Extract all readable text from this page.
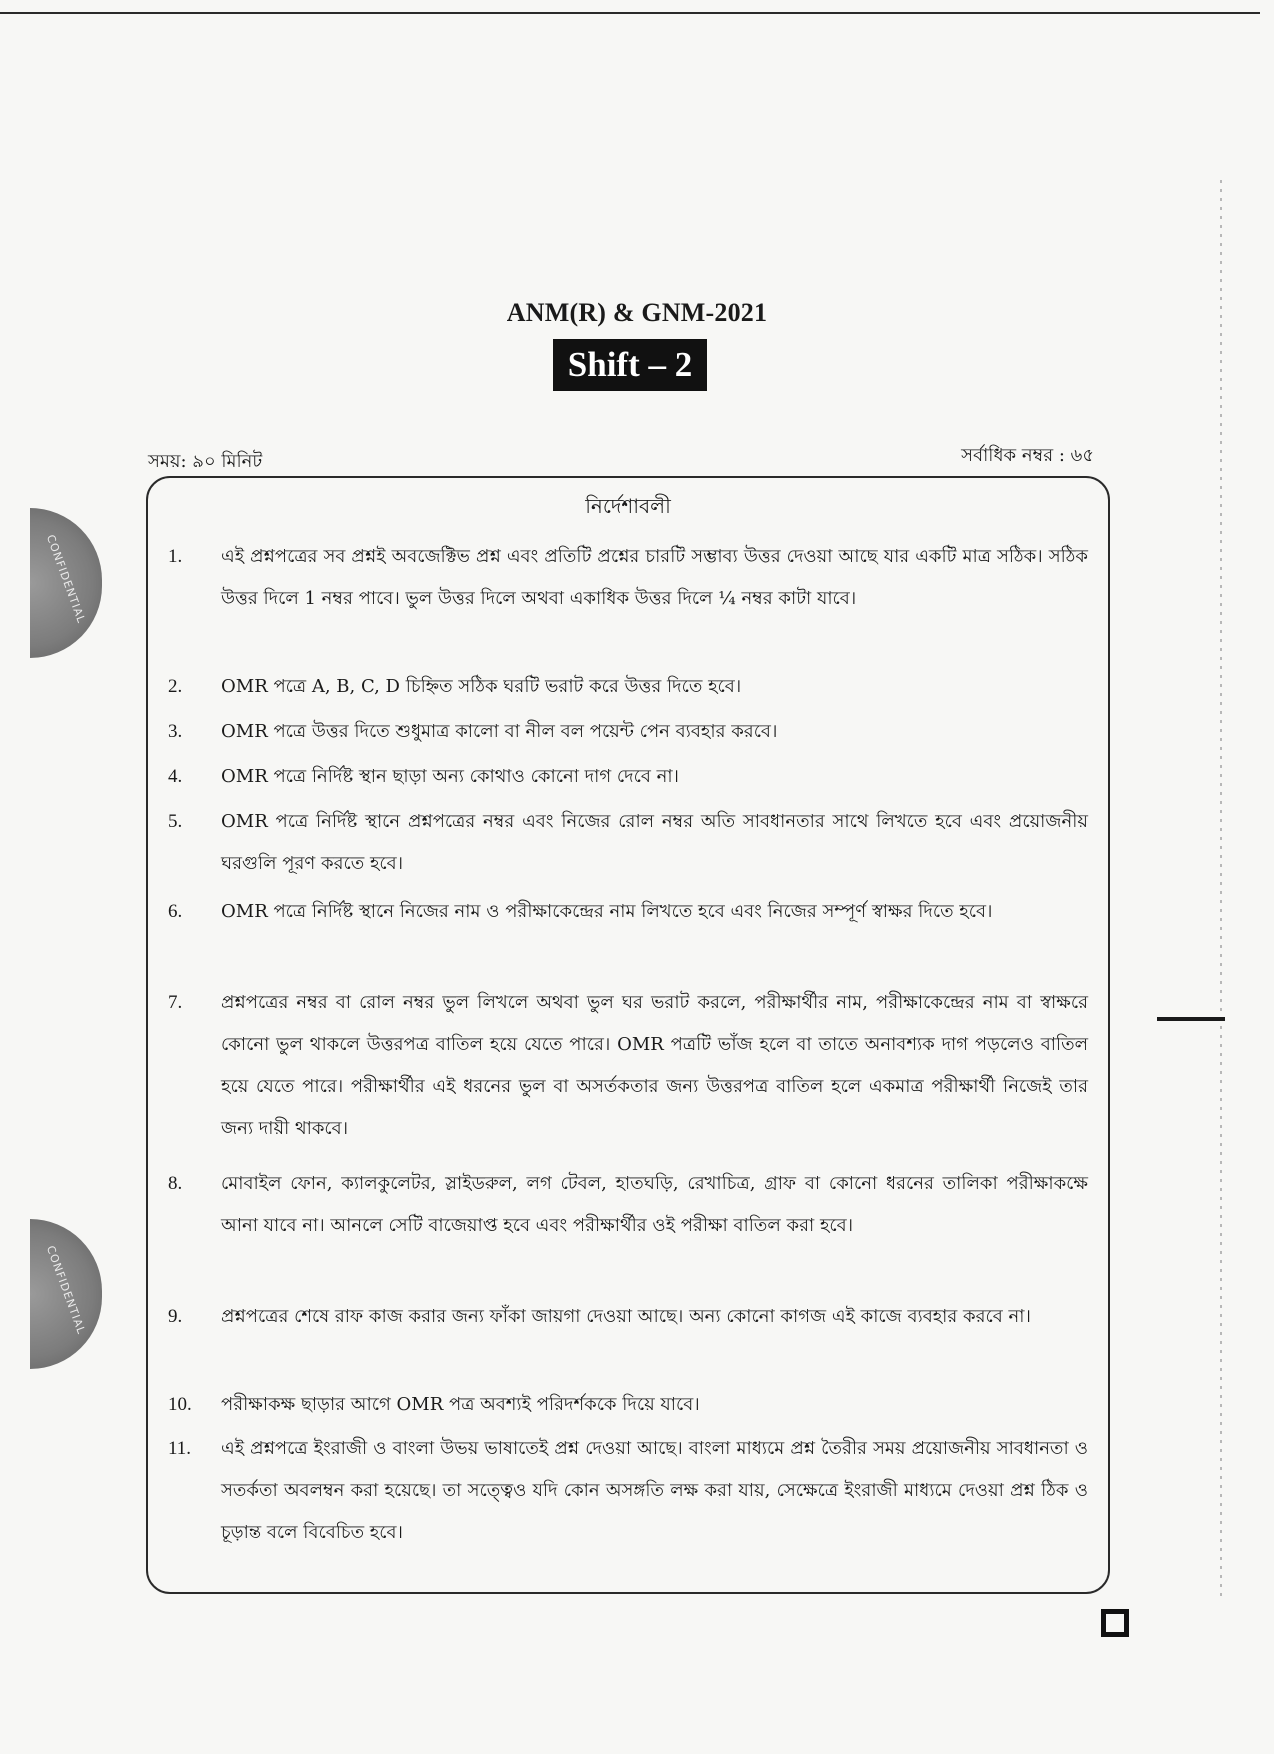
ANM(R) & GNM-2021
Shift – 2
সময়: ৯০ মিনিট	সর্বাধিক নম্বর : ৬৫
CONFIDENTIAL
CONFIDENTIAL
নির্দেশাবলী
1.	এই প্রশ্নপত্রের সব প্রশ্নই অবজেক্টিভ প্রশ্ন এবং প্রতিটি প্রশ্নের চারটি সম্ভাব্য উত্তর দেওয়া আছে যার একটি মাত্র সঠিক। সঠিক উত্তর দিলে 1 নম্বর পাবে। ভুল উত্তর দিলে অথবা একাধিক উত্তর দিলে ¼ নম্বর কাটা যাবে।
2.	OMR পত্রে A, B, C, D চিহ্নিত সঠিক ঘরটি ভরাট করে উত্তর দিতে হবে।
3.	OMR পত্রে উত্তর দিতে শুধুমাত্র কালো বা নীল বল পয়েন্ট পেন ব্যবহার করবে।
4.	OMR পত্রে নির্দিষ্ট স্থান ছাড়া অন্য কোথাও কোনো দাগ দেবে না।
5.	OMR পত্রে নির্দিষ্ট স্থানে প্রশ্নপত্রের নম্বর এবং নিজের রোল নম্বর অতি সাবধানতার সাথে লিখতে হবে এবং প্রয়োজনীয় ঘরগুলি পূরণ করতে হবে।
6.	OMR পত্রে নির্দিষ্ট স্থানে নিজের নাম ও পরীক্ষাকেন্দ্রের নাম লিখতে হবে এবং নিজের সম্পূর্ণ স্বাক্ষর দিতে হবে।
7.	প্রশ্নপত্রের নম্বর বা রোল নম্বর ভুল লিখলে অথবা ভুল ঘর ভরাট করলে, পরীক্ষার্থীর নাম, পরীক্ষাকেন্দ্রের নাম বা স্বাক্ষরে কোনো ভুল থাকলে উত্তরপত্র বাতিল হয়ে যেতে পারে। OMR পত্রটি ভাঁজ হলে বা তাতে অনাবশ্যক দাগ পড়লেও বাতিল হয়ে যেতে পারে। পরীক্ষার্থীর এই ধরনের ভুল বা অসর্তকতার জন্য উত্তরপত্র বাতিল হলে একমাত্র পরীক্ষার্থী নিজেই তার জন্য দায়ী থাকবে।
8.	মোবাইল ফোন, ক্যালকুলেটর, স্লাইডরুল, লগ টেবল, হাতঘড়ি, রেখাচিত্র, গ্রাফ বা কোনো ধরনের তালিকা পরীক্ষাকক্ষে আনা যাবে না। আনলে সেটি বাজেয়াপ্ত হবে এবং পরীক্ষার্থীর ওই পরীক্ষা বাতিল করা হবে।
9.	প্রশ্নপত্রের শেষে রাফ কাজ করার জন্য ফাঁকা জায়গা দেওয়া আছে। অন্য কোনো কাগজ এই কাজে ব্যবহার করবে না।
10.	পরীক্ষাকক্ষ ছাড়ার আগে OMR পত্র অবশ্যই পরিদর্শককে দিয়ে যাবে।
11.	এই প্রশ্নপত্রে ইংরাজী ও বাংলা উভয় ভাষাতেই প্রশ্ন দেওয়া আছে। বাংলা মাধ্যমে প্রশ্ন তৈরীর সময় প্রয়োজনীয় সাবধানতা ও সতর্কতা অবলম্বন করা হয়েছে। তা সত্ত্বেও যদি কোন অসঙ্গতি লক্ষ করা যায়, সেক্ষেত্রে ইংরাজী মাধ্যমে দেওয়া প্রশ্ন ঠিক ও চূড়ান্ত বলে বিবেচিত হবে।
